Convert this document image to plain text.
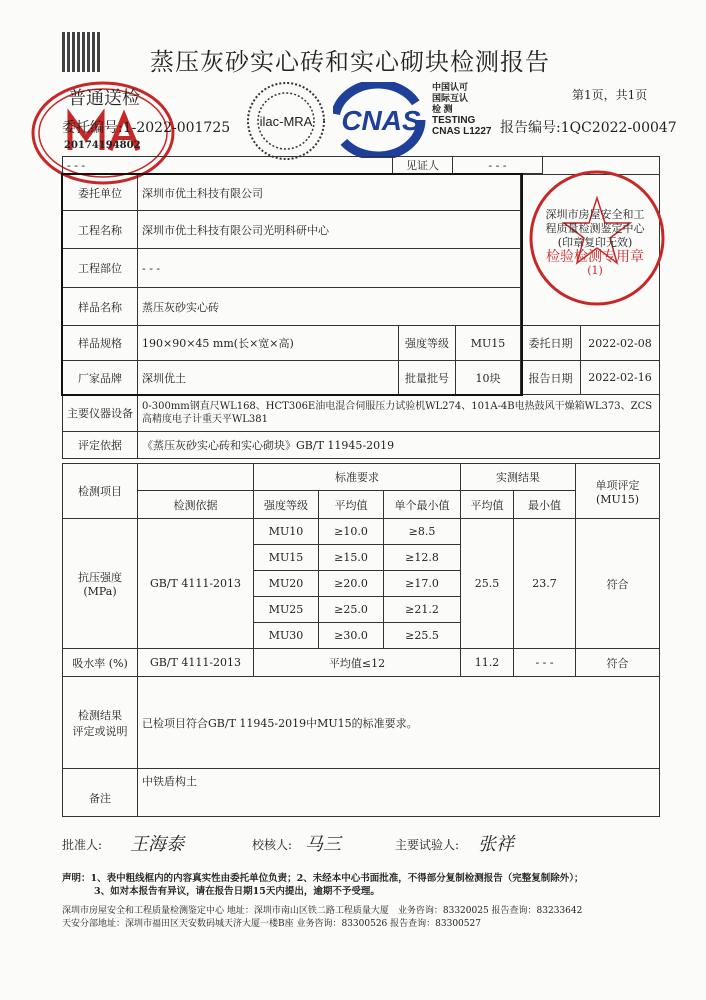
蒸压灰砂实心砖和实心砌块检测报告
普通送检
委托编号:1-2022-001725
20174194802
ilac-MRA CNAS
中国认可
国际互认
检 测
TESTING
CNAS L1227
第1页，共1页
报告编号:1QC2022-00047
- - -	见证人	- - -	
委托单位	深圳市优土科技有限公司				
工程名称	深圳市优土科技有限公司光明科研中心				
工程部位	- - -				
样品名称	蒸压灰砂实心砖				
样品规格	190×90×45 mm(长×宽×高)	强度等级	MU15	委托日期	2022-02-08
厂家品牌	深圳优土	批量批号	10块	报告日期	2022-02-16
主要仪器设备	0-300mm钢直尺WL168、HCT306E油电混合伺服压力试验机WL274、101A-4B电热鼓风干燥箱WL373、ZCS高精度电子计重天平WL381				
评定依据	《蒸压灰砂实心砖和实心砌块》GB/T 11945-2019				
检测项目		标准要求			实测结果		单项评定
(MU15)

	检测依据	强度等级	平均值	单个最小值	平均值	最小值	

抗压强度
(MPa)	GB/T 4111-2013	MU10	≥10.0	≥8.5	25.5	23.7	符合
		MU15	≥15.0	≥12.8			
		MU20	≥20.0	≥17.0			
		MU25	≥25.0	≥21.2			
		MU30	≥30.0	≥25.5			
吸水率 (%)	GB/T 4111-2013	平均值≤12			11.2	- - -	符合
检测结果
评定或说明	已检项目符合GB/T 11945-2019中MU15的标准要求。						
备注	中铁盾构土						
深圳市房屋安全和工
程质量检测鉴定中心
(印章复印无效)
检验检测专用章
(1)
批准人: 王海泰	校核人: 马三	主要试验人: 张祥
声明：1、表中粗线框内的内容真实性由委托单位负责；2、未经本中心书面批准，不得部分复制检测报告（完整复制除外）；
3、如对本报告有异议，请在报告日期15天内提出，逾期不予受理。
深圳市房屋安全和工程质量检测鉴定中心 地址：深圳市南山区铁二路工程质量大厦　业务咨询：83320025 报告查询：83233642
天安分部地址：深圳市福田区天安数码城天济大厦一楼B座 业务咨询：83300526 报告查询：83300527
